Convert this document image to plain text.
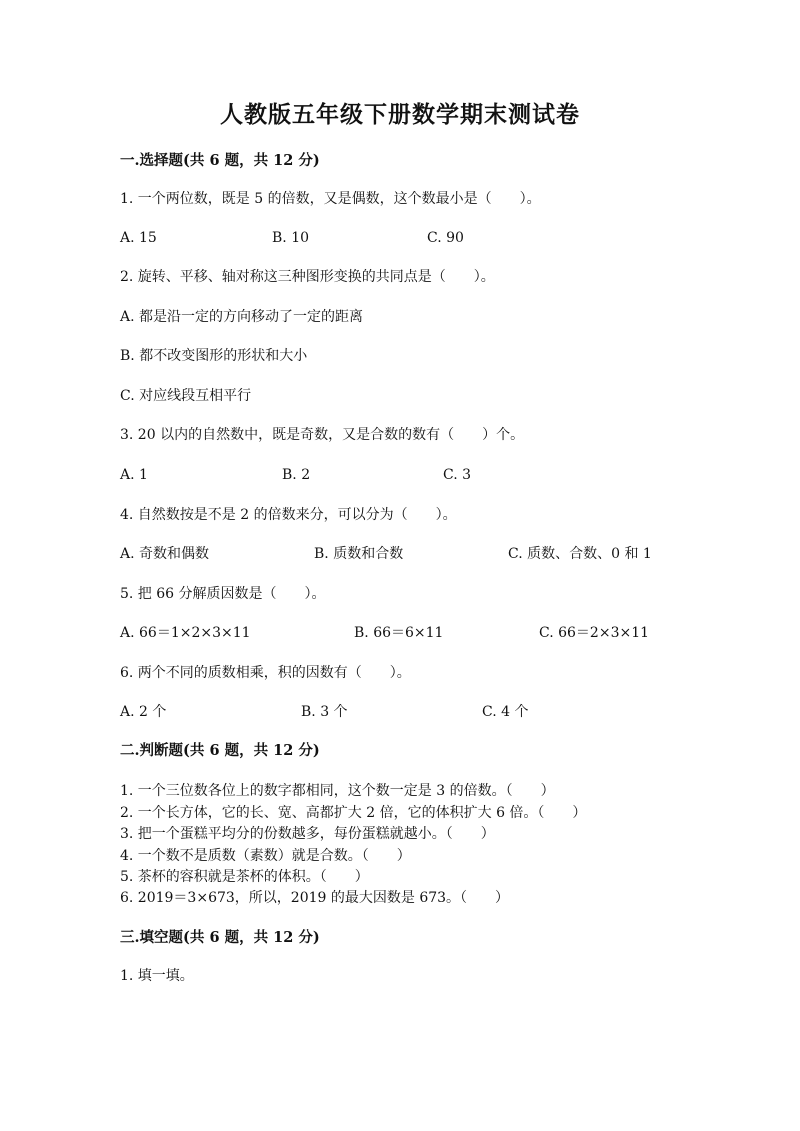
人教版五年级下册数学期末测试卷
一.选择题(共 6 题，共 12 分)
1. 一个两位数，既是 5 的倍数，又是偶数，这个数最小是（　　）。
A. 15	B. 10	C. 90
2. 旋转、平移、轴对称这三种图形变换的共同点是（　　）。
A. 都是沿一定的方向移动了一定的距离
B. 都不改变图形的形状和大小
C. 对应线段互相平行
3. 20 以内的自然数中，既是奇数，又是合数的数有（　　）个。
A. 1	B. 2	C. 3
4. 自然数按是不是 2 的倍数来分，可以分为（　　）。
A. 奇数和偶数	B. 质数和合数	C. 质数、合数、0 和 1
5. 把 66 分解质因数是（　　）。
A. 66＝1×2×3×11	B. 66＝6×11	C. 66＝2×3×11
6. 两个不同的质数相乘，积的因数有（　　）。
A. 2 个	B. 3 个	C. 4 个
二.判断题(共 6 题，共 12 分)
1. 一个三位数各位上的数字都相同，这个数一定是 3 的倍数。（　　）
2. 一个长方体，它的长、宽、高都扩大 2 倍，它的体积扩大 6 倍。（　　）
3. 把一个蛋糕平均分的份数越多，每份蛋糕就越小。（　　）
4. 一个数不是质数（素数）就是合数。（　　）
5. 茶杯的容积就是茶杯的体积。（　　）
6. 2019＝3×673，所以，2019 的最大因数是 673。（　　）
三.填空题(共 6 题，共 12 分)
1. 填一填。
